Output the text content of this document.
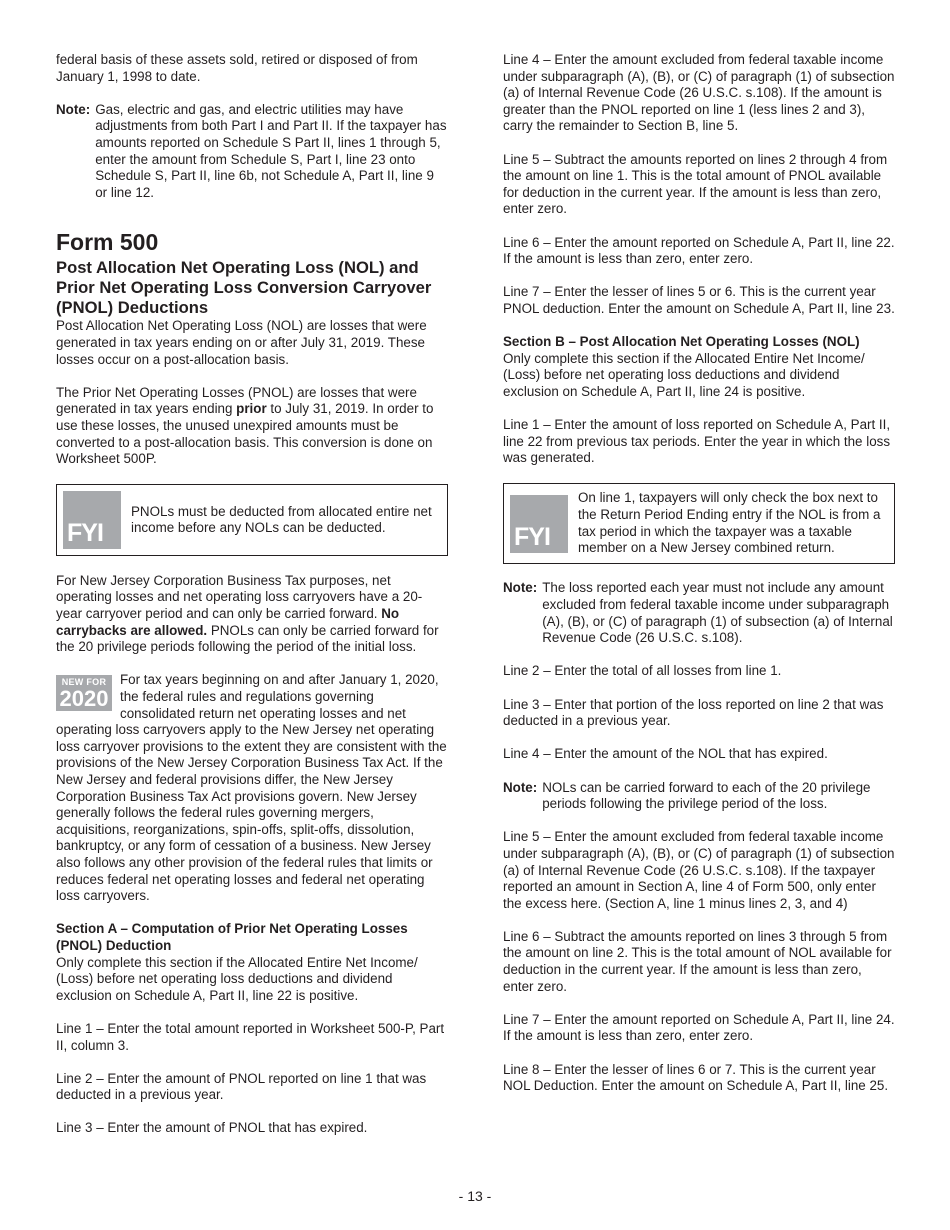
federal basis of these assets sold, retired or disposed of from January 1, 1998 to date.

Note: Gas, electric and gas, and electric utilities may have adjustments from both Part I and Part II. If the taxpayer has amounts reported on Schedule S Part II, lines 1 through 5, enter the amount from Schedule S, Part I, line 23 onto Schedule S, Part II, line 6b, not Schedule A, Part II, line 9 or line 12.
Form 500
Post Allocation Net Operating Loss (NOL) and Prior Net Operating Loss Conversion Carryover (PNOL) Deductions

Post Allocation Net Operating Loss (NOL) are losses that were generated in tax years ending on or after July 31, 2019. These losses occur on a post-allocation basis.

The Prior Net Operating Losses (PNOL) are losses that were generated in tax years ending prior to July 31, 2019. In order to use these losses, the unused unexpired amounts must be converted to a post-allocation basis. This conversion is done on Worksheet 500P.

FYI
PNOLs must be deducted from allocated entire net income before any NOLs can be deducted.

For New Jersey Corporation Business Tax purposes, net operating losses and net operating loss carryovers have a 20-year carryover period and can only be carried forward. No carrybacks are allowed. PNOLs can only be carried forward for the 20 privilege periods following the period of the initial loss.

NEW FOR
2020

For tax years beginning on and after January 1, 2020, the federal rules and regulations governing consolidated return net operating losses and net operating loss carryovers apply to the New Jersey net operating loss carryover provisions to the extent they are consistent with the provisions of the New Jersey Corporation Business Tax Act. If the New Jersey and federal provisions differ, the New Jersey Corporation Business Tax Act provisions govern. New Jersey generally follows the federal rules governing mergers, acquisitions, reorganizations, spin-offs, split-offs, dissolution, bankruptcy, or any form of cessation of a business. New Jersey also follows any other provision of the federal rules that limits or reduces federal net operating losses and federal net operating loss carryovers.

Section A – Computation of Prior Net Operating Losses (PNOL) Deduction

Only complete this section if the Allocated Entire Net Income/ (Loss) before net operating loss deductions and dividend exclusion on Schedule A, Part II, line 22 is positive.

Line 1 – Enter the total amount reported in Worksheet 500-P, Part II, column 3.

Line 2 – Enter the amount of PNOL reported on line 1 that was deducted in a previous year.

Line 3 – Enter the amount of PNOL that has expired.

Line 4 – Enter the amount excluded from federal taxable income under subparagraph (A), (B), or (C) of paragraph (1) of subsection (a) of Internal Revenue Code (26 U.S.C. s.108). If the amount is greater than the PNOL reported on line 1 (less lines 2 and 3), carry the remainder to Section B, line 5.

Line 5 – Subtract the amounts reported on lines 2 through 4 from the amount on line 1. This is the total amount of PNOL available for deduction in the current year. If the amount is less than zero, enter zero.

Line 6 – Enter the amount reported on Schedule A, Part II, line 22. If the amount is less than zero, enter zero.

Line 7 – Enter the lesser of lines 5 or 6. This is the current year PNOL deduction. Enter the amount on Schedule A, Part II, line 23.

Section B – Post Allocation Net Operating Losses (NOL)

Only complete this section if the Allocated Entire Net Income/ (Loss) before net operating loss deductions and dividend exclusion on Schedule A, Part II, line 24 is positive.

Line 1 – Enter the amount of loss reported on Schedule A, Part II, line 22 from previous tax periods. Enter the year in which the loss was generated.

FYI
On line 1, taxpayers will only check the box next to the Return Period Ending entry if the NOL is from a tax period in which the taxpayer was a taxable member on a New Jersey combined return.
Note: The loss reported each year must not include any amount excluded from federal taxable income under subparagraph (A), (B), or (C) of paragraph (1) of subsection (a) of Internal Revenue Code (26 U.S.C. s.108).

Line 2 – Enter the total of all losses from line 1.

Line 3 – Enter that portion of the loss reported on line 2 that was deducted in a previous year.

Line 4 – Enter the amount of the NOL that has expired.

Note: NOLs can be carried forward to each of the 20 privilege periods following the privilege period of the loss.

Line 5 – Enter the amount excluded from federal taxable income under subparagraph (A), (B), or (C) of paragraph (1) of subsection (a) of Internal Revenue Code (26 U.S.C. s.108). If the taxpayer reported an amount in Section A, line 4 of Form 500, only enter the excess here. (Section A, line 1 minus lines 2, 3, and 4)

Line 6 – Subtract the amounts reported on lines 3 through 5 from the amount on line 2. This is the total amount of NOL available for deduction in the current year. If the amount is less than zero, enter zero.

Line 7 – Enter the amount reported on Schedule A, Part II, line 24. If the amount is less than zero, enter zero.

Line 8 – Enter the lesser of lines 6 or 7. This is the current year NOL Deduction. Enter the amount on Schedule A, Part II, line 25.

- 13 -
